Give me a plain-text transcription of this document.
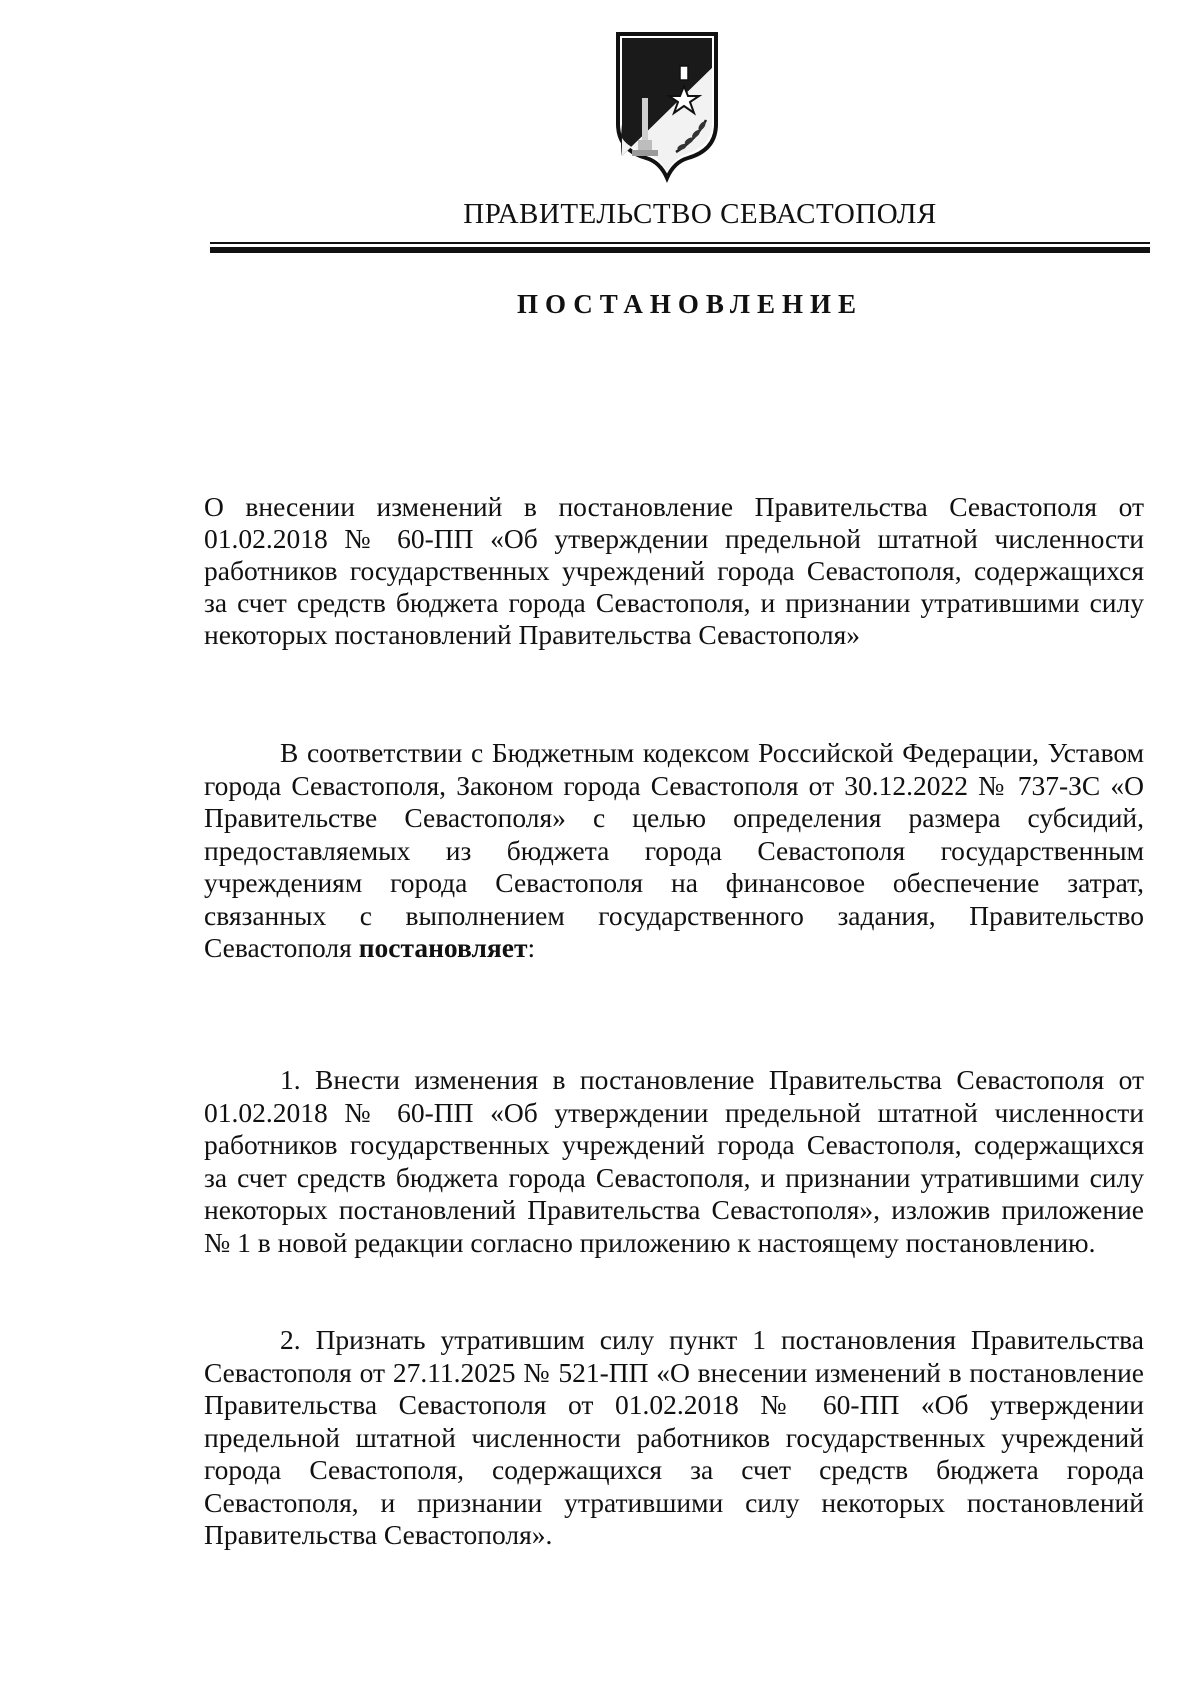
ПРАВИТЕЛЬСТВО СЕВАСТОПОЛЯ
ПОСТАНОВЛЕНИЕ
О внесении изменений в постановление Правительства Севастополя от 01.02.2018 № 60-ПП «Об утверждении предельной штатной численности работников государственных учреждений города Севастополя, содержащихся за счет средств бюджета города Севастополя, и признании утратившими силу некоторых постановлений Правительства Севастополя»
В соответствии с Бюджетным кодексом Российской Федерации, Уставом города Севастополя, Законом города Севастополя от 30.12.2022 № 737-ЗС «О Правительстве Севастополя» с целью определения размера субсидий, предоставляемых из бюджета города Севастополя государственным учреждениям города Севастополя на финансовое обеспечение затрат, связанных с выполнением государственного задания, Правительство Севастополя постановляет:
1. Внести изменения в постановление Правительства Севастополя от 01.02.2018 № 60-ПП «Об утверждении предельной штатной численности работников государственных учреждений города Севастополя, содержащихся за счет средств бюджета города Севастополя, и признании утратившими силу некоторых постановлений Правительства Севастополя», изложив приложение № 1 в новой редакции согласно приложению к настоящему постановлению.
2. Признать утратившим силу пункт 1 постановления Правительства Севастополя от 27.11.2025 № 521-ПП «О внесении изменений в постановление Правительства Севастополя от 01.02.2018 № 60-ПП «Об утверждении предельной штатной численности работников государственных учреждений города Севастополя, содержащихся за счет средств бюджета города Севастополя, и признании утратившими силу некоторых постановлений Правительства Севастополя».
